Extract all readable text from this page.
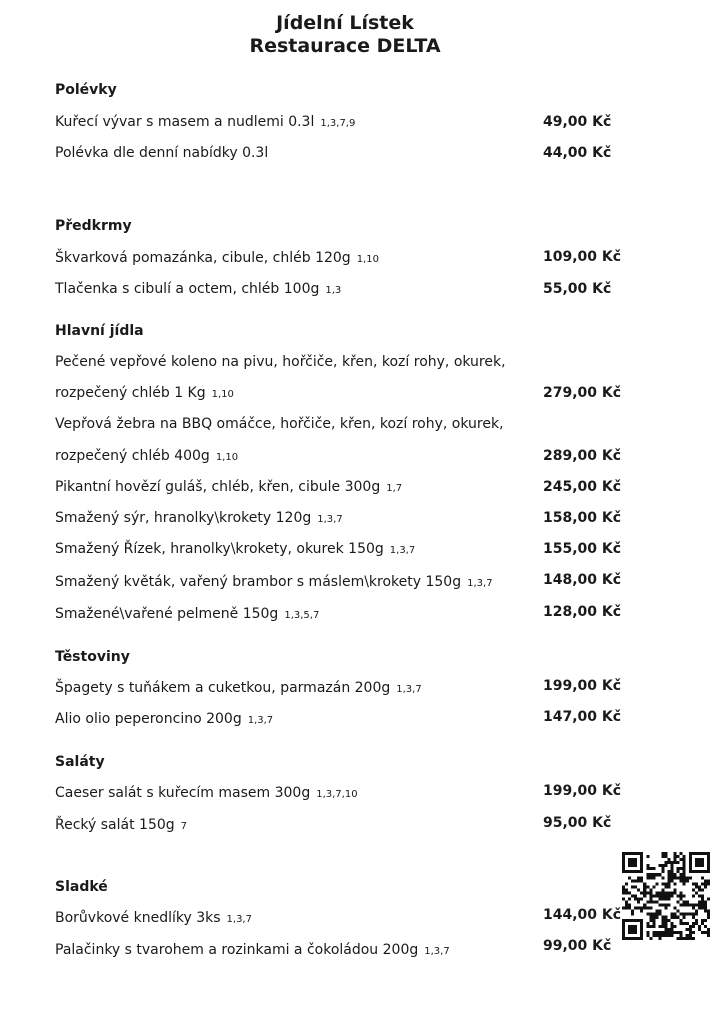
Jídelní Lístek
Restaurace DELTA
Polévky
Kuřecí vývar s masem a nudlemi 0.3l 1,3,7,9	49,00 Kč
Polévka dle denní nabídky 0.3l	44,00 Kč
Předkrmy
Škvarková pomazánka, cibule, chléb 120g 1,10	109,00 Kč
Tlačenka s cibulí a octem, chléb 100g 1,3	55,00 Kč
Hlavní jídla
Pečené vepřové koleno na pivu, hořčiče, křen, kozí rohy, okurek,
rozpečený chléb 1 Kg 1,10	279,00 Kč
Vepřová žebra na BBQ omáčce, hořčiče, křen, kozí rohy, okurek,
rozpečený chléb 400g 1,10	289,00 Kč
Pikantní hovězí guláš, chléb, křen, cibule 300g 1,7	245,00 Kč
Smažený sýr, hranolky\krokety 120g 1,3,7	158,00 Kč
Smažený Řízek, hranolky\krokety, okurek 150g 1,3,7	155,00 Kč
Smažený květák, vařený brambor s máslem\krokety 150g 1,3,7	148,00 Kč
Smažené\vařené pelmeně 150g 1,3,5,7	128,00 Kč
Těstoviny
Špagety s tuňákem a cuketkou, parmazán 200g 1,3,7	199,00 Kč
Alio olio peperoncino 200g 1,3,7	147,00 Kč
Saláty
Caeser salát s kuřecím masem 300g 1,3,7,10	199,00 Kč
Řecký salát 150g 7	95,00 Kč
Sladké
Borůvkové knedlíky 3ks 1,3,7	144,00 Kč
Palačinky s tvarohem a rozinkami a čokoládou 200g 1,3,7	99,00 Kč
